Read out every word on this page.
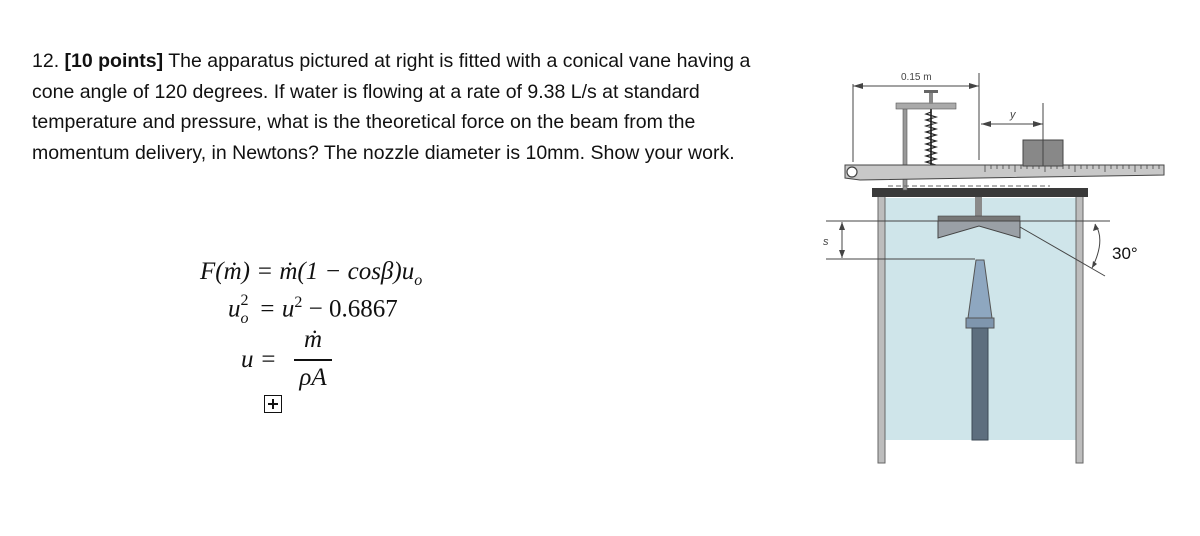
12. [10 points] The apparatus pictured at right is fitted with a conical vane having a cone angle of 120 degrees. If water is flowing at a rate of 9.38 L/s at standard temperature and pressure, what is the theoretical force on the beam from the momentum delivery, in Newtons? The nozzle diameter is 10mm. Show your work.
F(ṁ) = ṁ(1 − $\cos\beta)u_o$
u 2
$o = u^2 - 0.6867$
u =
ṁ
ρA
0.15 m
y
s
30°
